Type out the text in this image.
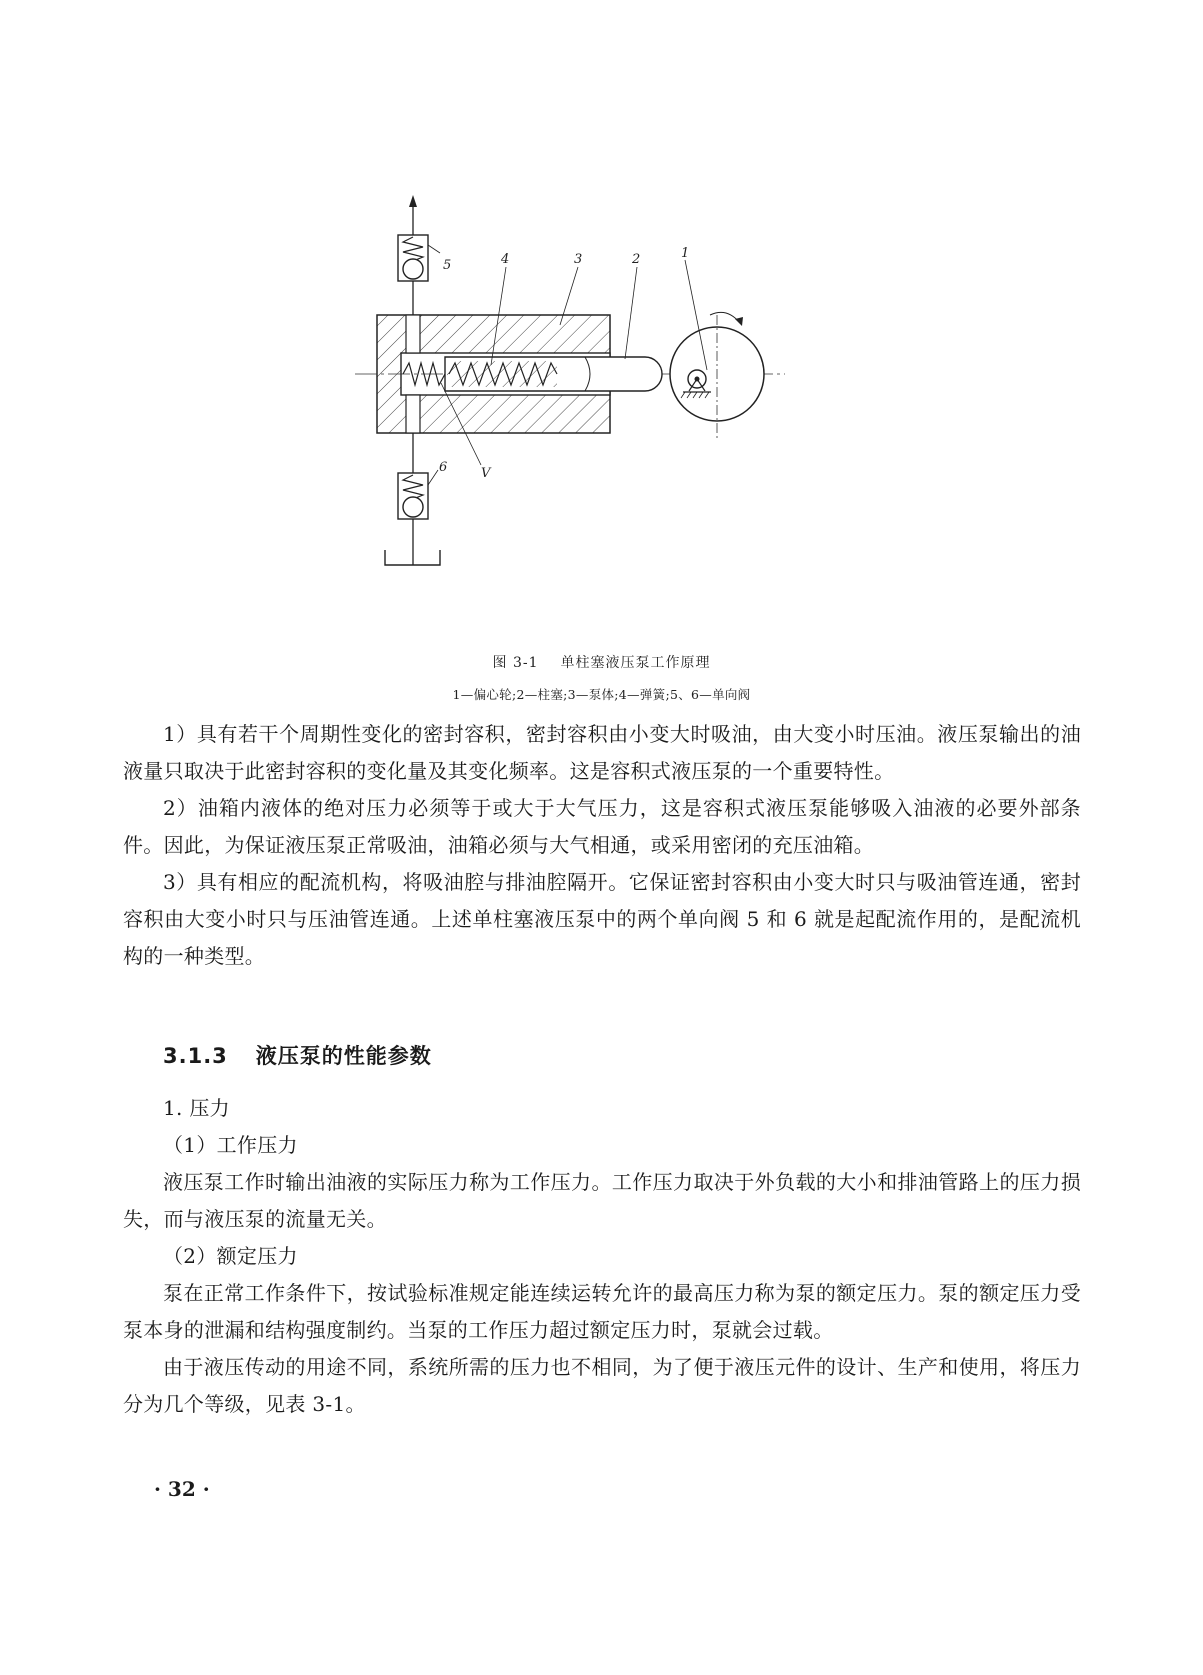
5	4	3	2	1
6	V
图 3-1 单柱塞液压泵工作原理
1—偏心轮;2—柱塞;3—泵体;4—弹簧;5、6—单向阀

1）具有若干个周期性变化的密封容积，密封容积由小变大时吸油，由大变小时压油。液压泵输出的油液量只取决于此密封容积的变化量及其变化频率。这是容积式液压泵的一个重要特性。

2）油箱内液体的绝对压力必须等于或大于大气压力，这是容积式液压泵能够吸入油液的必要外部条件。因此，为保证液压泵正常吸油，油箱必须与大气相通，或采用密闭的充压油箱。

3）具有相应的配流机构，将吸油腔与排油腔隔开。它保证密封容积由小变大时只与吸油管连通，密封容积由大变小时只与压油管连通。上述单柱塞液压泵中的两个单向阀 5 和 6 就是起配流作用的，是配流机构的一种类型。

3.1.3 液压泵的性能参数

1. 压力

（1）工作压力

液压泵工作时输出油液的实际压力称为工作压力。工作压力取决于外负载的大小和排油管路上的压力损失，而与液压泵的流量无关。

（2）额定压力

泵在正常工作条件下，按试验标准规定能连续运转允许的最高压力称为泵的额定压力。泵的额定压力受泵本身的泄漏和结构强度制约。当泵的工作压力超过额定压力时，泵就会过载。

由于液压传动的用途不同，系统所需的压力也不相同，为了便于液压元件的设计、生产和使用，将压力分为几个等级，见表 3-1。

· 32 ·
